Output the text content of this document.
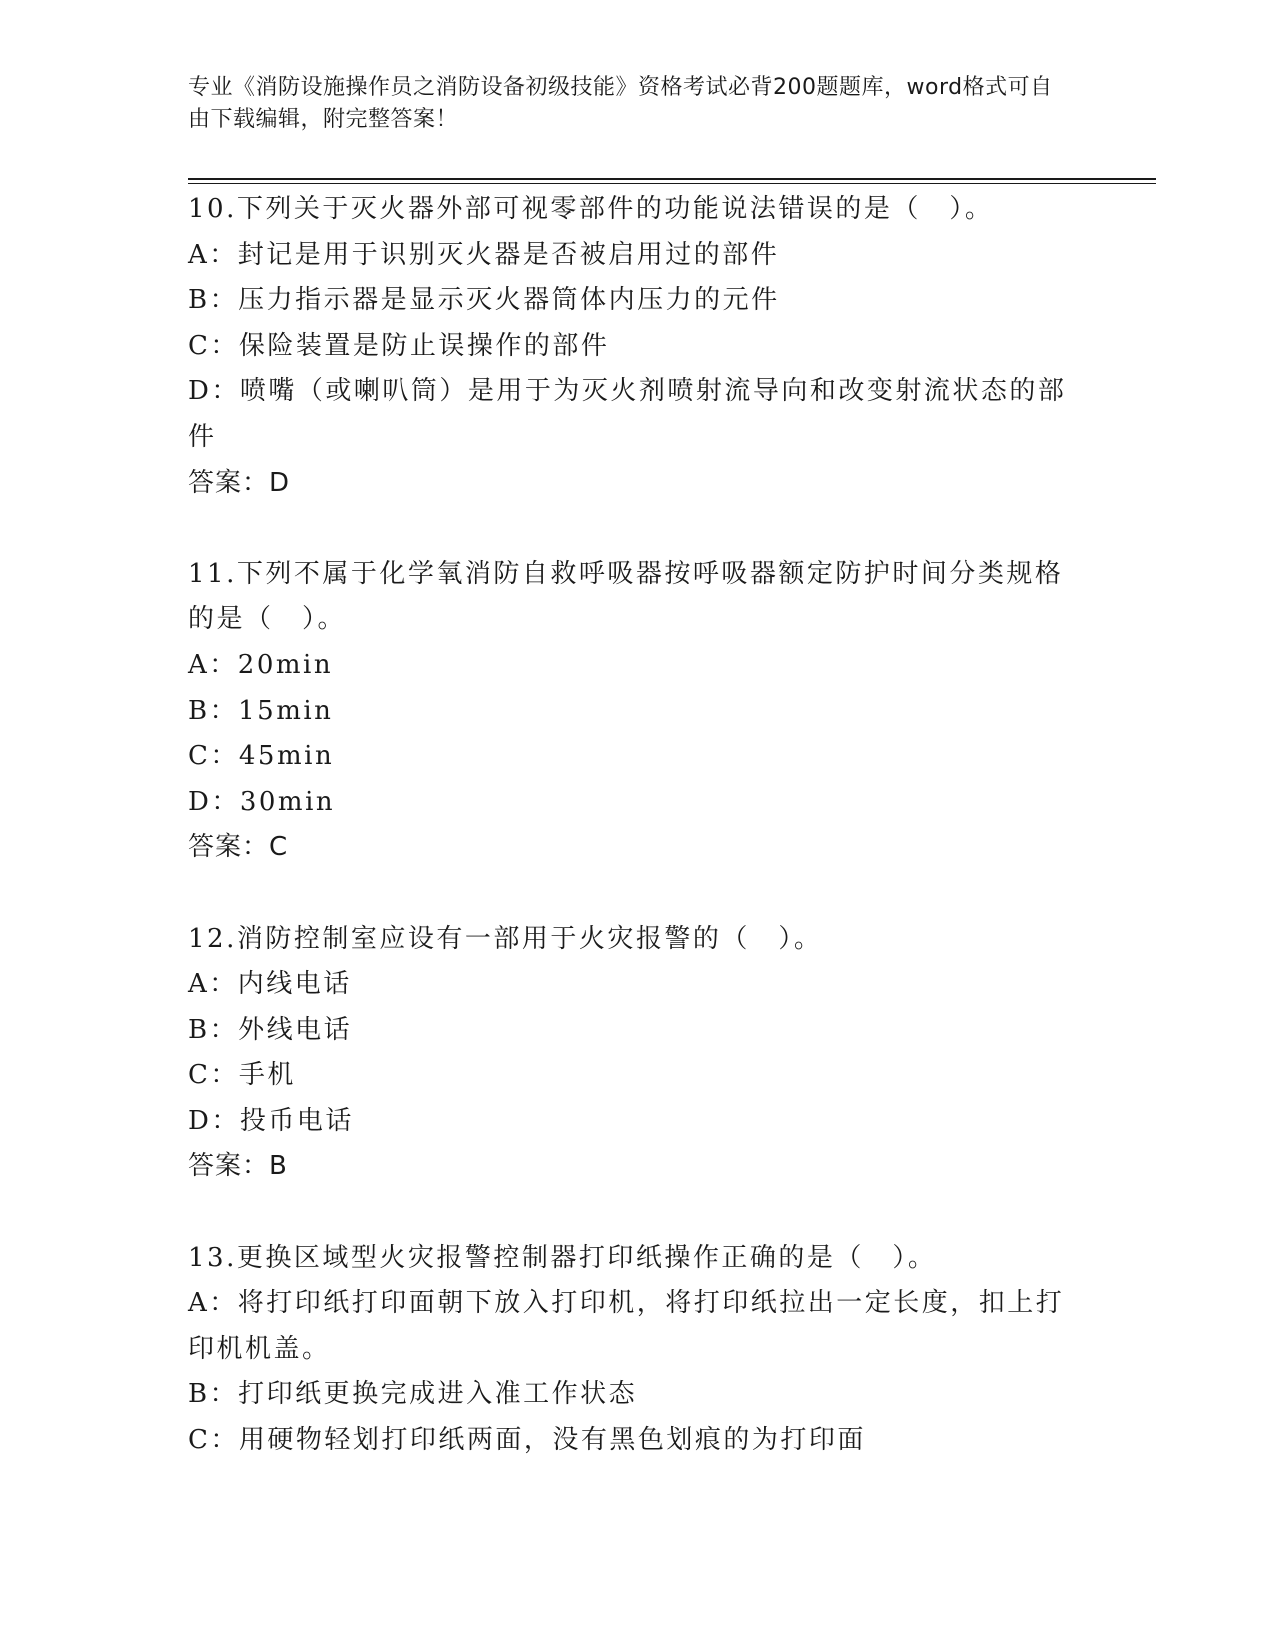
专业《消防设施操作员之消防设备初级技能》资格考试必背200题题库，word格式可自由下载编辑，附完整答案！

10.下列关于灭火器外部可视零部件的功能说法错误的是（　）。

A：封记是用于识别灭火器是否被启用过的部件

B：压力指示器是显示灭火器筒体内压力的元件

C：保险装置是防止误操作的部件

D：喷嘴（或喇叭筒）是用于为灭火剂喷射流导向和改变射流状态的部件

答案：D

11.下列不属于化学氧消防自救呼吸器按呼吸器额定防护时间分类规格的是（　）。

A：20min

B：15min

C：45min

D：30min

答案：C

12.消防控制室应设有一部用于火灾报警的（　）。

A：内线电话

B：外线电话

C：手机

D：投币电话

答案：B

13.更换区域型火灾报警控制器打印纸操作正确的是（　）。

A：将打印纸打印面朝下放入打印机，将打印纸拉出一定长度，扣上打印机机盖。

B：打印纸更换完成进入准工作状态

C：用硬物轻划打印纸两面，没有黑色划痕的为打印面
